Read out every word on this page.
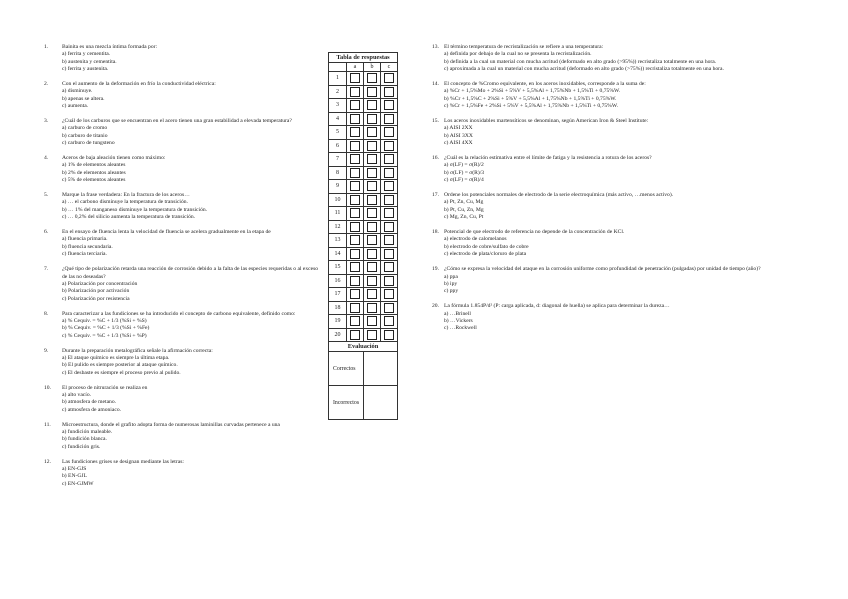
1.	Bainita es una mezcla íntima formada por:
a) ferrita y cementita.
b) austenita y cementita.
c) ferrita y austenita.
2.	Con el aumento de la deformación en frío la conductividad eléctrica:
a) disminuye.
b) apenas se altera.
c) aumenta.
3.	¿Cuál de los carburos que se encuentran en el acero tienen una gran estabilidad a elevada temperatura?
a) carburo de cromo
b) carburo de titanio
c) carburo de tungsteno
4.	Aceros de baja aleación tienen como máximo:
a) 1% de elementos aleantes
b) 2% de elementos aleantes
c) 5% de elementos aleantes
5.	Marque la frase verdadera: En la fractura de los aceros…
a) … el carbono disminuye la temperatura de transición.
b) … 1% del manganeso disminuye la temperatura de transición.
c) … 0,2% del silicio aumenta la temperatura de transición.
6.	En el ensayo de fluencia lenta la velocidad de fluencia se acelera gradualmente en la etapa de
a) fluencia primaria.
b) fluencia secundaria.
c) fluencia terciaria.
7.	¿Qué tipo de polarización retarda una reacción de corrosión debido a la falta de las especies requeridas o al exceso de las no deseadas?
a) Polarización por concentración
b) Polarización por activación
c) Polarización por resistencia
8.	Para caracterizar a las fundiciones se ha introducido el concepto de carbono equivalente, definido como:
a) % Cequiv. = %C + 1/3 (%Si + %S)
b) % Cequiv. = %C + 1/3 (%Si + %Fe)
c) % Cequiv. = %C + 1/3 (%Si + %P)
9.	Durante la preparación metalográfica señale la afirmación correcta:
a) El ataque químico es siempre la última etapa.
b) El pulido es siempre posterior al ataque químico.
c) El desbaste es siempre el proceso previo al pulido.
10.	El proceso de nitruración se realiza en
a) alto vacío.
b) atmosfera de metano.
c) atmosfera de amoniaco.
11.	Microestructura, donde el grafito adopta forma de numerosas laminillas curvadas pertenece a una
a) fundición maleable.
b) fundición blanca.
c) fundición gris.
12.	Las fundiciones grises se designan mediante las letras:
a) EN-GJS
b) EN-GJL
c) EN-GJMW
13. El término temperatura de recristalización se refiere a una temperatura:
a) definida por debajo de la cual no se presenta la recristalización.
b) definida a la cual un material con mucha acritud (deformado en alto grado (>95%)) recristaliza totalmente en una hora.
c) aproximada a la cual un material con mucha acritud (deformado en alto grado (>75%)) recristaliza totalmente en una hora.
14. El concepto de %Cromo equivalente, en los aceros inoxidables, corresponde a la suma de:
a) %Cr + 1,5%Mo + 2%Si + 5%V + 5,5%Al + 1,75%Nb + 1,5%Ti + 0,75%W.
b) %Cr + 1,5%C + 2%Si + 5%V + 5,5%Al + 1,75%Nb + 1,5%Ti + 0,75%W.
c) %Cr + 1,5%Fe + 2%Si + 5%V + 5,5%Al + 1,75%Nb + 1,5%Ti + 0,75%W.
15. Los aceros inoxidables martensíticos se denominan, según American Iron & Steel Institute:
a) AISI 2XX
b) AISI 3XX
c) AISI 4XX
16. ¿Cuál es la relación estimativa entre el límite de fatiga y la resistencia a rotura de los aceros?
a) σ(LF) = σ(R)/2
b) σ(LF) = σ(R)/3
c) σ(LF) = σ(R)/4
17. Ordene los potenciales normales de electrodo de la serie electroquímica (más activo, …menos activo).
a) Pt, Zn, Cu, Mg
b) Pt, Cu, Zn, Mg
c) Mg, Zn, Cu, Pt
18. Potencial de que electrodo de referencia no depende de la concentración de KCl.
a) electrodo de calomelanos
b) electrodo de cobre/sulfato de cobre
c) electrodo de plata/cloruro de plata
19. ¿Cómo se expresa la velocidad del ataque en la corrosión uniforme como profundidad de penetración (pulgadas) por unidad de tiempo (año)?
a) ppa
b) ipy
c) ppy
20. La fórmula 1.854P/d² (P: carga aplicada, d: diagonal de huella) se aplica para determinar la dureza…
a) …Brinell
b) …Vickers
c) …Rockwell
Tabla de respuestas			
	a	b	c
1			
2			
3			
4			
5			
6			
7			
8			
9			
10			
11			
12			
13			
14			
15			
16			
17			
18			
19			
20			
Evaluación			
Correctos			
Incorrectos			
